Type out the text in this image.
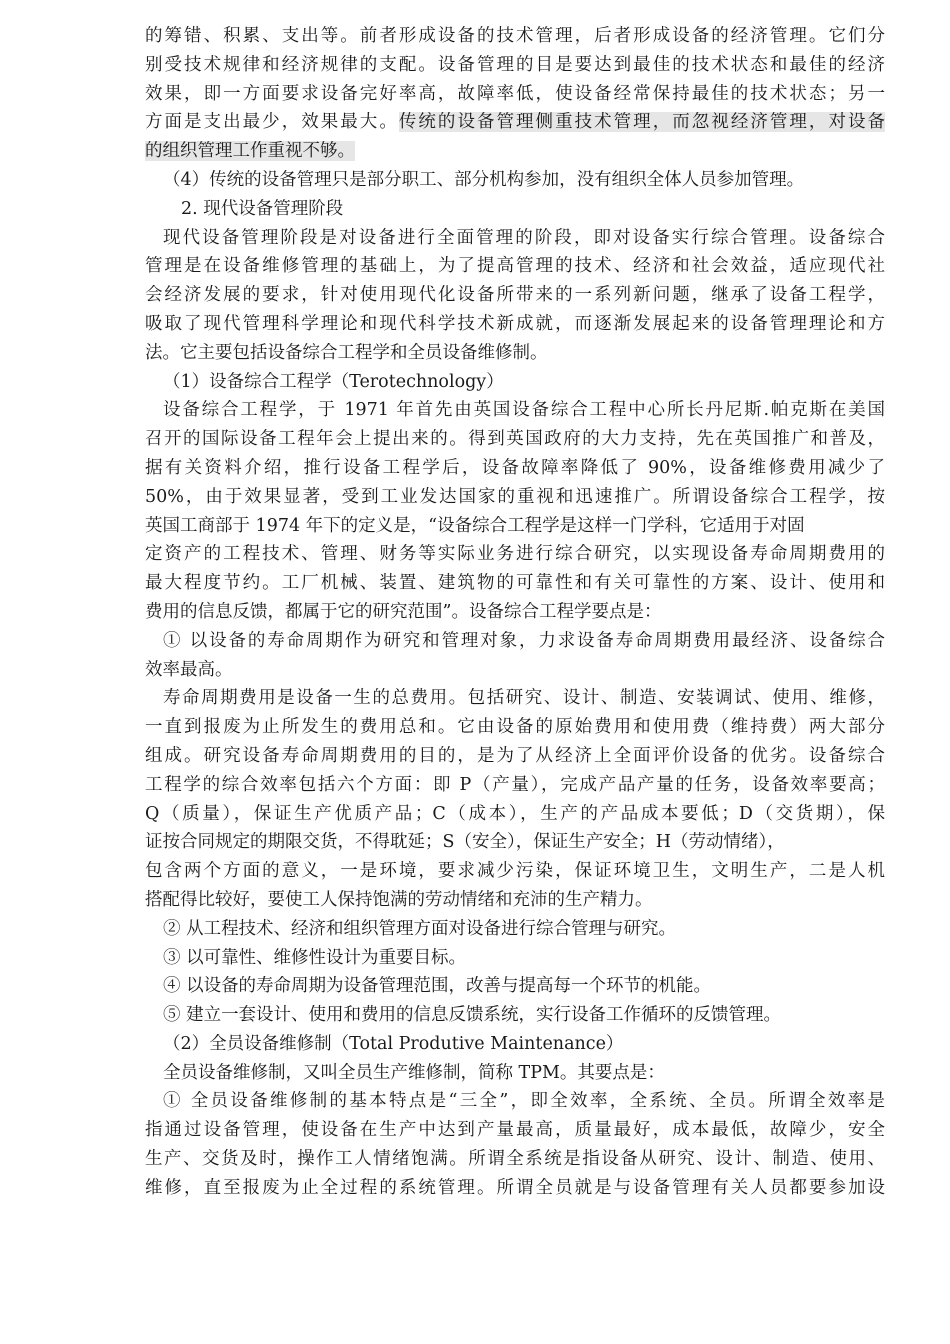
的筹错、积累、支出等。前者形成设备的技术管理，后者形成设备的经济管理。它们分
别受技术规律和经济规律的支配。设备管理的目是要达到最佳的技术状态和最佳的经济
效果，即一方面要求设备完好率高，故障率低，使设备经常保持最佳的技术状态；另一
方面是支出最少，效果最大。传统的设备管理侧重技术管理，而忽视经济管理，对设备
的组织管理工作重视不够。
（4）传统的设备管理只是部分职工、部分机构参加，没有组织全体人员参加管理。
2. 现代设备管理阶段
现代设备管理阶段是对设备进行全面管理的阶段，即对设备实行综合管理。设备综合
管理是在设备维修管理的基础上，为了提高管理的技术、经济和社会效益，适应现代社
会经济发展的要求，针对使用现代化设备所带来的一系列新问题，继承了设备工程学，
吸取了现代管理科学理论和现代科学技术新成就，而逐渐发展起来的设备管理理论和方
法。它主要包括设备综合工程学和全员设备维修制。
（1）设备综合工程学（Terotechnology）
设备综合工程学，于 1971 年首先由英国设备综合工程中心所长丹尼斯.帕克斯在美国
召开的国际设备工程年会上提出来的。得到英国政府的大力支持，先在英国推广和普及，
据有关资料介绍，推行设备工程学后，设备故障率降低了 90%，设备维修费用减少了
50%，由于效果显著，受到工业发达国家的重视和迅速推广。所谓设备综合工程学，按
英国工商部于 1974 年下的定义是，“设备综合工程学是这样一门学科，它适用于对固
定资产的工程技术、管理、财务等实际业务进行综合研究，以实现设备寿命周期费用的
最大程度节约。工厂机械、装置、建筑物的可靠性和有关可靠性的方案、设计、使用和
费用的信息反馈，都属于它的研究范围”。设备综合工程学要点是：
① 以设备的寿命周期作为研究和管理对象，力求设备寿命周期费用最经济、设备综合
效率最高。
寿命周期费用是设备一生的总费用。包括研究、设计、制造、安装调试、使用、维修，
一直到报废为止所发生的费用总和。它由设备的原始费用和使用费（维持费）两大部分
组成。研究设备寿命周期费用的目的，是为了从经济上全面评价设备的优劣。设备综合
工程学的综合效率包括六个方面：即 P（产量），完成产品产量的任务，设备效率要高；
Q（质量），保证生产优质产品；C（成本），生产的产品成本要低；D（交货期），保
证按合同规定的期限交货，不得耽延；S（安全），保证生产安全；H（劳动情绪），
包含两个方面的意义，一是环境，要求减少污染，保证环境卫生，文明生产，二是人机
搭配得比较好，要使工人保持饱满的劳动情绪和充沛的生产精力。
② 从工程技术、经济和组织管理方面对设备进行综合管理与研究。
③ 以可靠性、维修性设计为重要目标。
④ 以设备的寿命周期为设备管理范围，改善与提高每一个环节的机能。
⑤ 建立一套设计、使用和费用的信息反馈系统，实行设备工作循环的反馈管理。
（2）全员设备维修制（Total Produtive Maintenance）
全员设备维修制，又叫全员生产维修制，简称 TPM。其要点是：
① 全员设备维修制的基本特点是“三全”，即全效率，全系统、全员。所谓全效率是
指通过设备管理，使设备在生产中达到产量最高，质量最好，成本最低，故障少，安全
生产、交货及时，操作工人情绪饱满。所谓全系统是指设备从研究、设计、制造、使用、
维修，直至报废为止全过程的系统管理。所谓全员就是与设备管理有关人员都要参加设
